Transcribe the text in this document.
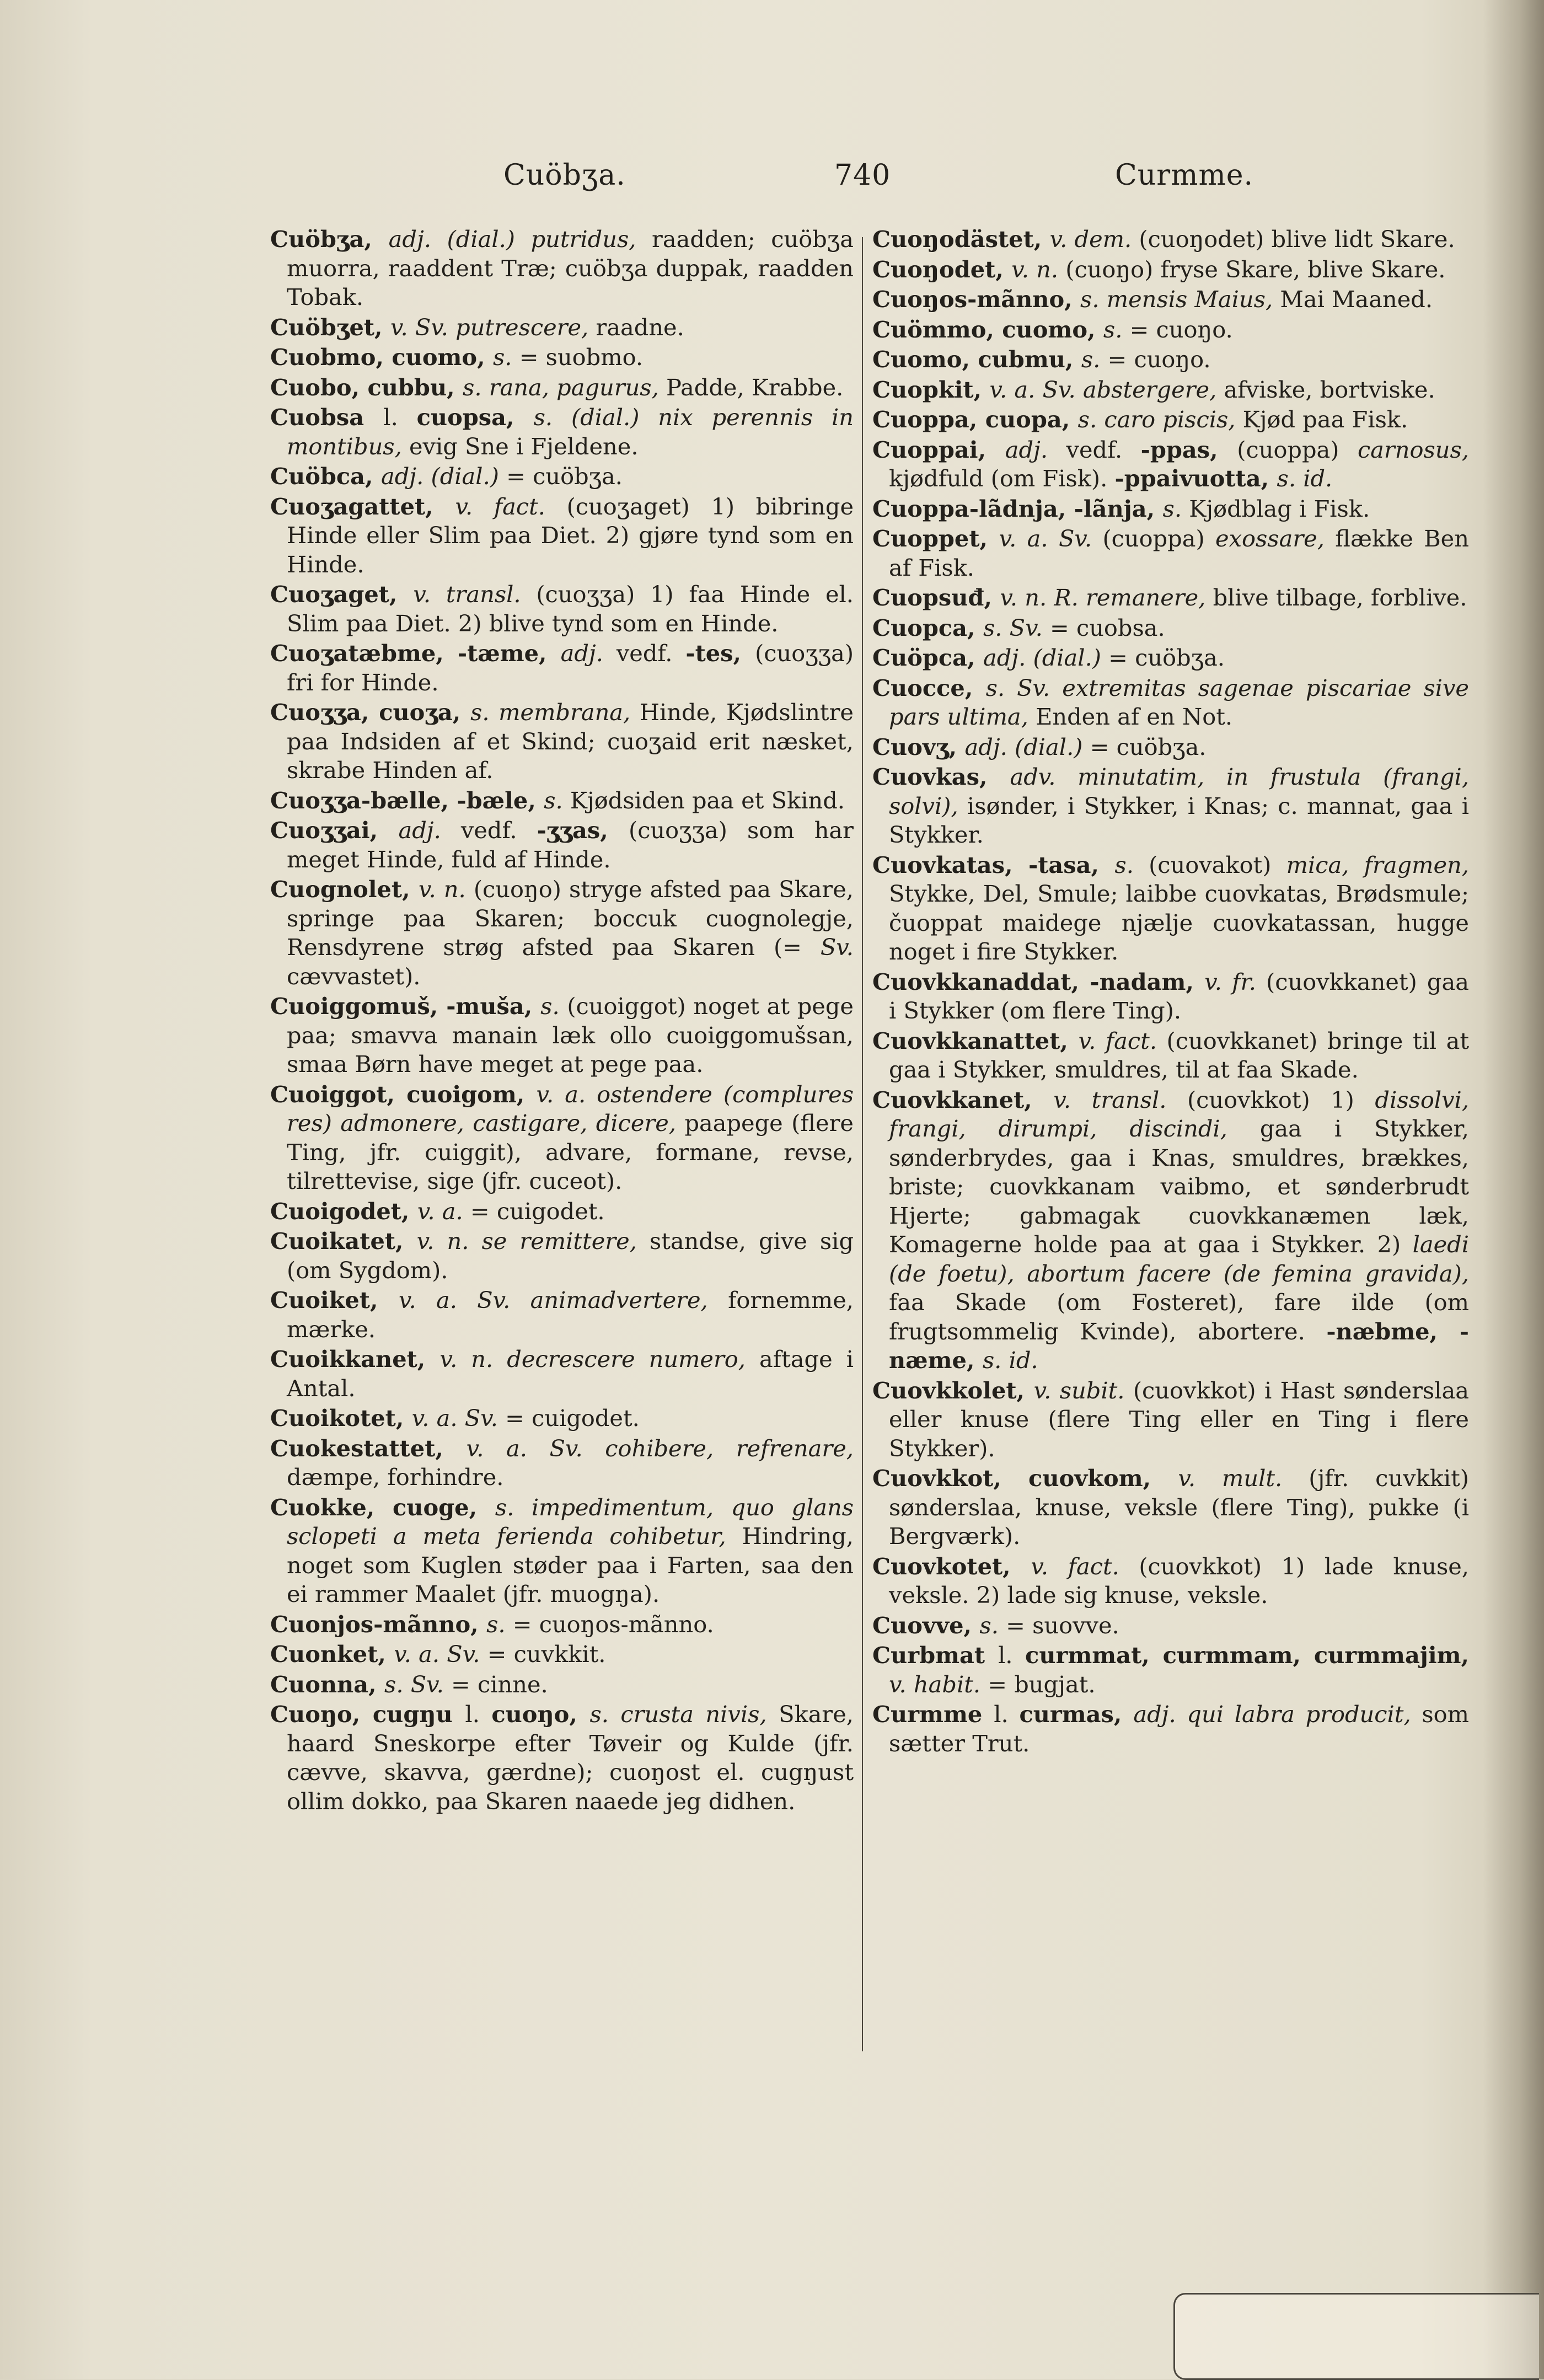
Cuöbʒa.	740	Curmme.

Cuöbʒa, adj. (dial.) putridus, raadden; cuöbʒa muorra, raaddent Træ; cuöbʒa duppak, raadden Tobak.

Cuöbʒet, v. Sv. putrescere, raadne.

Cuobmo, cuomo, s. = suobmo.

Cuobo, cubbu, s. rana, pagurus, Padde, Krabbe.

Cuobsa l. cuopsa, s. (dial.) nix perennis in montibus, evig Sne i Fjeldene.

Cuöbca, adj. (dial.) = cuöbʒa.

Cuoʒagattet, v. fact. (cuoʒaget) 1) bibringe Hinde eller Slim paa Diet. 2) gjøre tynd som en Hinde.

Cuoʒaget, v. transl. (cuoʒʒa) 1) faa Hinde el. Slim paa Diet. 2) blive tynd som en Hinde.

Cuoʒatæbme, -tæme, adj. vedf. -tes, (cuoʒʒa) fri for Hinde.

Cuoʒʒa, cuoʒa, s. membrana, Hinde, Kjødslintre paa Indsiden af et Skind; cuoʒaid erit næsket, skrabe Hinden af.

Cuoʒʒa-bælle, -bæle, s. Kjødsiden paa et Skind.

Cuoʒʒai, adj. vedf. -ʒʒas, (cuoʒʒa) som har meget Hinde, fuld af Hinde.

Cuognolet, v. n. (cuoŋo) stryge afsted paa Skare, springe paa Skaren; boccuk cuognolegje, Rensdyrene strøg afsted paa Skaren (= Sv. cævvastet).

Cuoiggomuš, -muša, s. (cuoiggot) noget at pege paa; smavva manain læk ollo cuoiggomušsan, smaa Børn have meget at pege paa.

Cuoiggot, cuoigom, v. a. ostendere (complures res) admonere, castigare, dicere, paapege (flere Ting, jfr. cuiggit), advare, formane, revse, tilrettevise, sige (jfr. cuceot).

Cuoigodet, v. a. = cuigodet.

Cuoikatet, v. n. se remittere, standse, give sig (om Sygdom).

Cuoiket, v. a. Sv. animadvertere, fornemme, mærke.

Cuoikkanet, v. n. decrescere numero, aftage i Antal.

Cuoikotet, v. a. Sv. = cuigodet.

Cuokestattet, v. a. Sv. cohibere, refrenare, dæmpe, forhindre.

Cuokke, cuoge, s. impedimentum, quo glans sclopeti a meta ferienda cohibetur, Hindring, noget som Kuglen støder paa i Farten, saa den ei rammer Maalet (jfr. muogŋa).

Cuonjos-mãnno, s. = cuoŋos-mãnno.

Cuonket, v. a. Sv. = cuvkkit.

Cuonna, s. Sv. = cinne.

Cuoŋo, cugŋu l. cuoŋo, s. crusta nivis, Skare, haard Sneskorpe efter Tøveir og Kulde (jfr. cævve, skavva, gærdne); cuoŋost el. cugŋust ollim dokko, paa Skaren naaede jeg didhen.

Cuoŋodästet, v. dem. (cuoŋodet) blive lidt Skare.

Cuoŋodet, v. n. (cuoŋo) fryse Skare, blive Skare.

Cuoŋos-mãnno, s. mensis Maius, Mai Maaned.

Cuömmo, cuomo, s. = cuoŋo.

Cuomo, cubmu, s. = cuoŋo.

Cuopkit, v. a. Sv. abstergere, afviske, bortviske.

Cuoppa, cuopa, s. caro piscis, Kjød paa Fisk.

Cuoppai, adj. vedf. -ppas, (cuoppa) carnosus, kjødfuld (om Fisk). -ppaivuotta, s. id.

Cuoppa-lãdnja, -lãnja, s. Kjødblag i Fisk.

Cuoppet, v. a. Sv. (cuoppa) exossare, flække Ben af Fisk.

Cuopsuđ, v. n. R. remanere, blive tilbage, forblive.

Cuopca, s. Sv. = cuobsa.

Cuöpca, adj. (dial.) = cuöbʒa.

Cuocce, s. Sv. extremitas sagenae piscariae sive pars ultima, Enden af en Not.

Cuovʒ, adj. (dial.) = cuöbʒa.

Cuovkas, adv. minutatim, in frustula (frangi, solvi), isønder, i Stykker, i Knas; c. mannat, gaa i Stykker.

Cuovkatas, -tasa, s. (cuovakot) mica, fragmen, Stykke, Del, Smule; laibbe cuovkatas, Brødsmule; čuoppat maidege njælje cuovkatassan, hugge noget i fire Stykker.

Cuovkkanaddat, -nadam, v. fr. (cuovkkanet) gaa i Stykker (om flere Ting).

Cuovkkanattet, v. fact. (cuovkkanet) bringe til at gaa i Stykker, smuldres, til at faa Skade.

Cuovkkanet, v. transl. (cuovkkot) 1) dissolvi, frangi, dirumpi, discindi, gaa i Stykker, sønderbrydes, gaa i Knas, smuldres, brækkes, briste; cuovkkanam vaibmo, et sønderbrudt Hjerte; gabmagak cuovkkanæmen læk, Komagerne holde paa at gaa i Stykker. 2) laedi (de foetu), abortum facere (de femina gravida), faa Skade (om Fosteret), fare ilde (om frugtsommelig Kvinde), abortere. -næbme, -næme, s. id.

Cuovkkolet, v. subit. (cuovkkot) i Hast sønderslaa eller knuse (flere Ting eller en Ting i flere Stykker).

Cuovkkot, cuovkom, v. mult. (jfr. cuvkkit) sønderslaa, knuse, veksle (flere Ting), pukke (i Bergværk).

Cuovkotet, v. fact. (cuovkkot) 1) lade knuse, veksle. 2) lade sig knuse, veksle.

Cuovve, s. = suovve.

Curbmat l. curmmat, curmmam, curmmajim, v. habit. = bugjat.

Curmme l. curmas, adj. qui labra producit, som sætter Trut.
